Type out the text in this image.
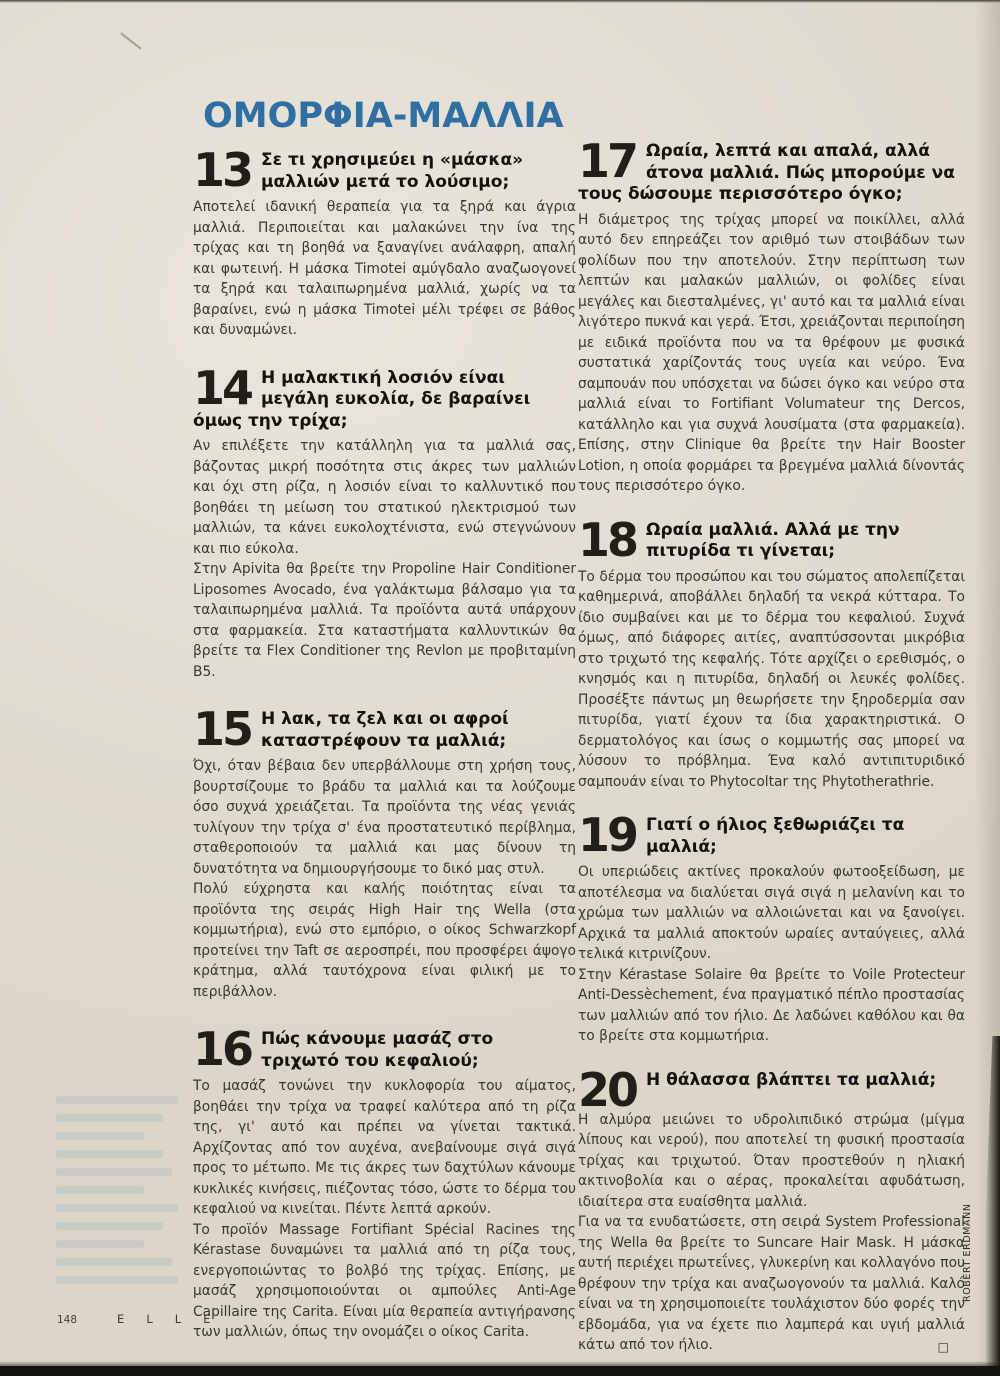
ΟΜΟΡΦΙΑ-ΜΑΛΛΙΑ
13 Σε τι χρησιμεύει η «μάσκα» μαλλιών μετά το λούσιμο;

Αποτελεί ιδανική θεραπεία για τα ξηρά και άγρια μαλλιά. Περιποιείται και μαλακώνει την ίνα της τρίχας και τη βοηθά να ξαναγίνει ανάλαφρη, απαλή και φωτεινή. Η μάσκα Timotei αμύγδαλο αναζωογονεί τα ξηρά και ταλαιπωρημένα μαλλιά, χωρίς να τα βαραίνει, ενώ η μάσκα Timotei μέλι τρέφει σε βάθος και δυναμώνει.

14 Η μαλακτική λοσιόν είναι μεγάλη ευκολία, δε βαραίνει όμως την τρίχα;

Αν επιλέξετε την κατάλληλη για τα μαλλιά σας, βάζοντας μικρή ποσότητα στις άκρες των μαλλιών και όχι στη ρίζα, η λοσιόν είναι το καλλυντικό που βοηθάει τη μείωση του στατικού ηλεκτρισμού των μαλλιών, τα κάνει ευκολοχτένιστα, ενώ στεγνώνουν και πιο εύκολα.

Στην Apivita θα βρείτε την Propoline Hair Conditioner Liposomes Avocado, ένα γαλάκτωμα βάλσαμο για τα ταλαιπωρημένα μαλλιά. Τα προϊόντα αυτά υπάρχουν στα φαρμακεία. Στα καταστήματα καλλυντικών θα βρείτε τα Flex Conditioner της Revlon με προβιταμίνη B5.

15 Η λακ, τα ζελ και οι αφροί καταστρέφουν τα μαλλιά;

Όχι, όταν βέβαια δεν υπερβάλλουμε στη χρήση τους, βουρτσίζουμε το βράδυ τα μαλλιά και τα λούζουμε όσο συχνά χρειάζεται. Τα προϊόντα της νέας γενιάς τυλίγουν την τρίχα σ' ένα προστατευτικό περίβλημα, σταθεροποιούν τα μαλλιά και μας δίνουν τη δυνατότητα να δημιουργήσουμε το δικό μας στυλ.

Πολύ εύχρηστα και καλής ποιότητας είναι τα προϊόντα της σειράς High Hair της Wella (στα κομμωτήρια), ενώ στο εμπόριο, ο οίκος Schwarzkopf προτείνει την Taft σε αεροσπρέι, που προσφέρει άψογο κράτημα, αλλά ταυτόχρονα είναι φιλική με το περιβάλλον.

16 Πώς κάνουμε μασάζ στο τριχωτό του κεφαλιού;

Το μασάζ τονώνει την κυκλοφορία του αίματος, βοηθάει την τρίχα να τραφεί καλύτερα από τη ρίζα της, γι' αυτό και πρέπει να γίνεται τακτικά. Αρχίζοντας από τον αυχένα, ανεβαίνουμε σιγά σιγά προς το μέτωπο. Με τις άκρες των δαχτύλων κάνουμε κυκλικές κινήσεις, πιέζοντας τόσο, ώστε το δέρμα του κεφαλιού να κινείται. Πέντε λεπτά αρκούν.

Το προϊόν Massage Fortifiant Spécial Racines της Kérastase δυναμώνει τα μαλλιά από τη ρίζα τους, ενεργοποιώντας το βολβό της τρίχας. Επίσης, με μασάζ χρησιμοποιούνται οι αμπούλες Anti-Age Capillaire της Carita. Είναι μία θεραπεία αντιγήρανσης των μαλλιών, όπως την ονομάζει ο οίκος Carita.

17 Ωραία, λεπτά και απαλά, αλλά άτονα μαλλιά. Πώς μπορούμε να τους δώσουμε περισσότερο όγκο;

Η διάμετρος της τρίχας μπορεί να ποικίλλει, αλλά αυτό δεν επηρεάζει τον αριθμό των στοιβάδων των φολίδων που την αποτελούν. Στην περίπτωση των λεπτών και μαλακών μαλλιών, οι φολίδες είναι μεγάλες και διεσταλμένες, γι' αυτό και τα μαλλιά είναι λιγότερο πυκνά και γερά. Έτσι, χρειάζονται περιποίηση με ειδικά προϊόντα που να τα θρέφουν με φυσικά συστατικά χαρίζοντάς τους υγεία και νεύρο. Ένα σαμπουάν που υπόσχεται να δώσει όγκο και νεύρο στα μαλλιά είναι το Fortifiant Volumateur της Dercos, κατάλληλο και για συχνά λουσίματα (στα φαρμακεία). Επίσης, στην Clinique θα βρείτε την Hair Booster Lotion, η οποία φορμάρει τα βρεγμένα μαλλιά δίνοντάς τους περισσότερο όγκο.

18 Ωραία μαλλιά. Αλλά με την πιτυρίδα τι γίνεται;

Το δέρμα του προσώπου και του σώματος απολεπίζεται καθημερινά, αποβάλλει δηλαδή τα νεκρά κύτταρα. Το ίδιο συμβαίνει και με το δέρμα του κεφαλιού. Συχνά όμως, από διάφορες αιτίες, αναπτύσσονται μικρόβια στο τριχωτό της κεφαλής. Τότε αρχίζει ο ερεθισμός, ο κνησμός και η πιτυρίδα, δηλαδή οι λευκές φολίδες. Προσέξτε πάντως μη θεωρήσετε την ξηροδερμία σαν πιτυρίδα, γιατί έχουν τα ίδια χαρακτηριστικά. Ο δερματολόγος και ίσως ο κομμωτής σας μπορεί να λύσουν το πρόβλημα. Ένα καλό αντιπιτυριδικό σαμπουάν είναι το Phytocoltar της Phytotherathrie.

19 Γιατί ο ήλιος ξεθωριάζει τα μαλλιά;

Οι υπεριώδεις ακτίνες προκαλούν φωτοοξείδωση, με αποτέλεσμα να διαλύεται σιγά σιγά η μελανίνη και το χρώμα των μαλλιών να αλλοιώνεται και να ξανοίγει. Αρχικά τα μαλλιά αποκτούν ωραίες ανταύγειες, αλλά τελικά κιτρινίζουν.

Στην Kérastase Solaire θα βρείτε το Voile Protecteur Anti-Dessèchement, ένα πραγματικό πέπλο προστασίας των μαλλιών από τον ήλιο. Δε λαδώνει καθόλου και θα το βρείτε στα κομμωτήρια.

20 Η θάλασσα βλάπτει τα μαλλιά;

Η αλμύρα μειώνει το υδρολιπιδικό στρώμα (μίγμα λίπους και νερού), που αποτελεί τη φυσική προστασία τρίχας και τριχωτού. Όταν προστεθούν η ηλιακή ακτινοβολία και ο αέρας, προκαλείται αφυδάτωση, ιδιαίτερα στα ευαίσθητα μαλλιά.

Για να τα ενυδατώσετε, στη σειρά System Professional της Wella θα βρείτε το Suncare Hair Mask. Η μάσκα αυτή περιέχει πρωτεΐνες, γλυκερίνη και κολλαγόνο που θρέφουν την τρίχα και αναζωογονούν τα μαλλιά. Καλό είναι να τη χρησιμοποιείτε τουλάχιστον δύο φορές την εβδομάδα, για να έχετε πιο λαμπερά και υγιή μαλλιά κάτω από τον ήλιο.	□
ROBERT ERDMANN
148	ELLE
